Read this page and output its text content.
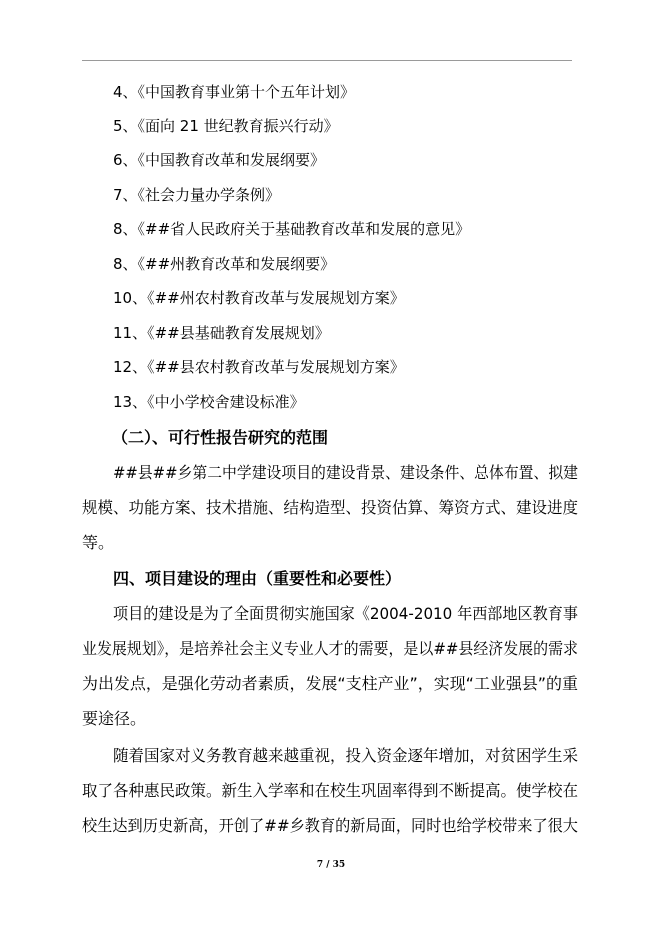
4、《中国教育事业第十个五年计划》
5、《面向 21 世纪教育振兴行动》
6、《中国教育改革和发展纲要》
7、《社会力量办学条例》
8、《##省人民政府关于基础教育改革和发展的意见》
8、《##州教育改革和发展纲要》
10、《##州农村教育改革与发展规划方案》
11、《##县基础教育发展规划》
12、《##县农村教育改革与发展规划方案》
13、《中小学校舍建设标准》
（二）、可行性报告研究的范围
##县##乡第二中学建设项目的建设背景、建设条件、总体布置、拟建
规模、功能方案、技术措施、结构造型、投资估算、筹资方式、建设进度
等。
四、项目建设的理由（重要性和必要性）
项目的建设是为了全面贯彻实施国家《2004-2010 年西部地区教育事
业发展规划》，是培养社会主义专业人才的需要，是以##县经济发展的需求
为出发点，是强化劳动者素质，发展“支柱产业”，实现“工业强县”的重
要途径。
随着国家对义务教育越来越重视，投入资金逐年增加，对贫困学生采
取了各种惠民政策。新生入学率和在校生巩固率得到不断提高。使学校在
校生达到历史新高，开创了##乡教育的新局面，同时也给学校带来了很大
7 / 35
